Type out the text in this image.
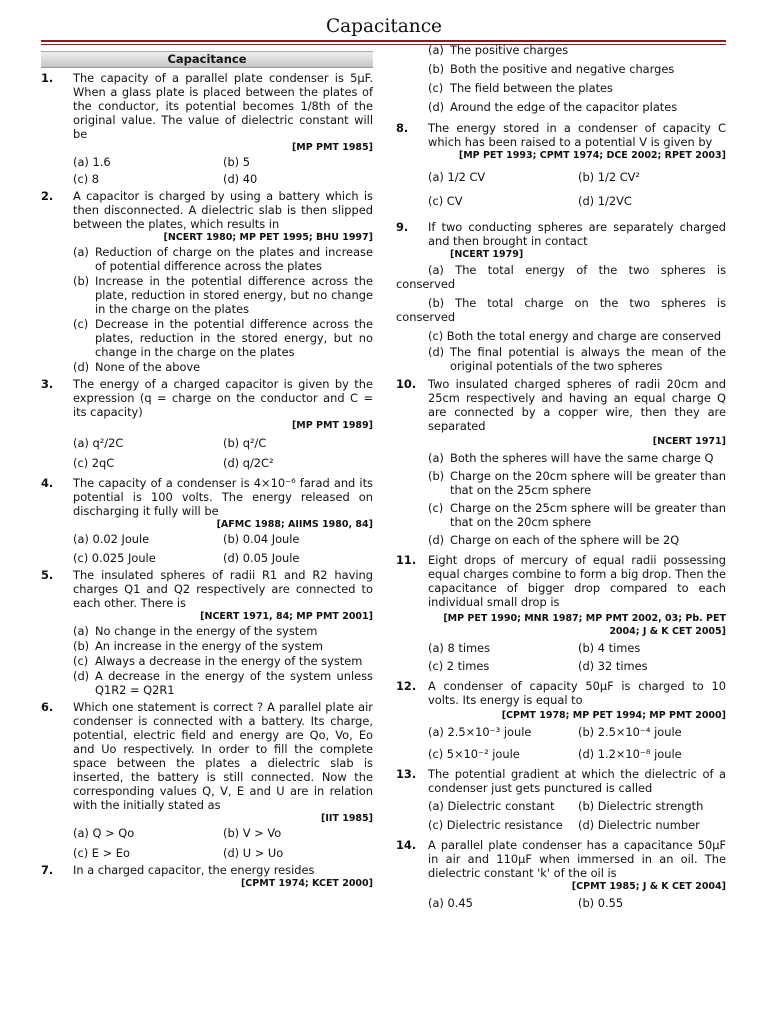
Capacitance
Capacitance
1. The capacity of a parallel plate condenser is 5μF. When a glass plate is placed between the plates of the conductor, its potential becomes 1/8th of the original value. The value of dielectric constant will be
[MP PMT 1985]
(a) 1.6	(b) 5
(c) 8	(d) 40
2. A capacitor is charged by using a battery which is then disconnected. A dielectric slab is then slipped between the plates, which results in
[NCERT 1980; MP PET 1995; BHU 1997]
(a) Reduction of charge on the plates and increase of potential difference across the plates
(b) Increase in the potential difference across the plate, reduction in stored energy, but no change in the charge on the plates
(c) Decrease in the potential difference across the plates, reduction in the stored energy, but no change in the charge on the plates
(d) None of the above
3. The energy of a charged capacitor is given by the expression (q = charge on the conductor and C = its capacity)
[MP PMT 1989]
(a) q²/2C	(b) q²/C
(c) 2qC	(d) q/2C²
4. The capacity of a condenser is 4×10⁻⁶ farad and its potential is 100 volts. The energy released on discharging it fully will be
[AFMC 1988; AIIMS 1980, 84]
(a) 0.02 Joule	(b) 0.04 Joule
(c) 0.025 Joule	(d) 0.05 Joule
5. The insulated spheres of radii R1 and R2 having charges Q1 and Q2 respectively are connected to each other. There is
[NCERT 1971, 84; MP PMT 2001]
(a) No change in the energy of the system
(b) An increase in the energy of the system
(c) Always a decrease in the energy of the system
(d) A decrease in the energy of the system unless Q1R2 = Q2R1
6. Which one statement is correct ? A parallel plate air condenser is connected with a battery. Its charge, potential, electric field and energy are Qo, Vo, Eo and Uo respectively. In order to fill the complete space between the plates a dielectric slab is inserted, the battery is still connected. Now the corresponding values Q, V, E and U are in relation with the initially stated as
[IIT 1985]
(a) Q > Qo	(b) V > Vo
(c) E > Eo	(d) U > Uo
7. In a charged capacitor, the energy resides
[CPMT 1974; KCET 2000]
(a) The positive charges
(b) Both the positive and negative charges
(c) The field between the plates
(d) Around the edge of the capacitor plates
8. The energy stored in a condenser of capacity C which has been raised to a potential V is given by
[MP PET 1993; CPMT 1974; DCE 2002; RPET 2003]
(a) 1/2 CV	(b) 1/2 CV²
(c) CV	(d) 1/2VC
9. If two conducting spheres are separately charged and then brought in contact
[NCERT 1979]
(a) The total energy of the two spheres is conserved
(b) The total charge on the two spheres is conserved
(c) Both the total energy and charge are conserved
(d) The final potential is always the mean of the original potentials of the two spheres
10. Two insulated charged spheres of radii 20cm and 25cm respectively and having an equal charge Q are connected by a copper wire, then they are separated
[NCERT 1971]
(a) Both the spheres will have the same charge Q
(b) Charge on the 20cm sphere will be greater than that on the 25cm sphere
(c) Charge on the 25cm sphere will be greater than that on the 20cm sphere
(d) Charge on each of the sphere will be 2Q
11. Eight drops of mercury of equal radii possessing equal charges combine to form a big drop. Then the capacitance of bigger drop compared to each individual small drop is
[MP PET 1990; MNR 1987; MP PMT 2002, 03; Pb. PET 2004; J & K CET 2005]
(a) 8 times	(b) 4 times
(c) 2 times	(d) 32 times
12. A condenser of capacity 50μF is charged to 10 volts. Its energy is equal to
[CPMT 1978; MP PET 1994; MP PMT 2000]
(a) 2.5×10⁻³ joule	(b) 2.5×10⁻⁴ joule
(c) 5×10⁻² joule	(d) 1.2×10⁻⁸ joule
13. The potential gradient at which the dielectric of a condenser just gets punctured is called
(a) Dielectric constant	(b) Dielectric strength
(c) Dielectric resistance	(d) Dielectric number
14. A parallel plate condenser has a capacitance 50μF in air and 110μF when immersed in an oil. The dielectric constant 'k' of the oil is
[CPMT 1985; J & K CET 2004]
(a) 0.45	(b) 0.55
